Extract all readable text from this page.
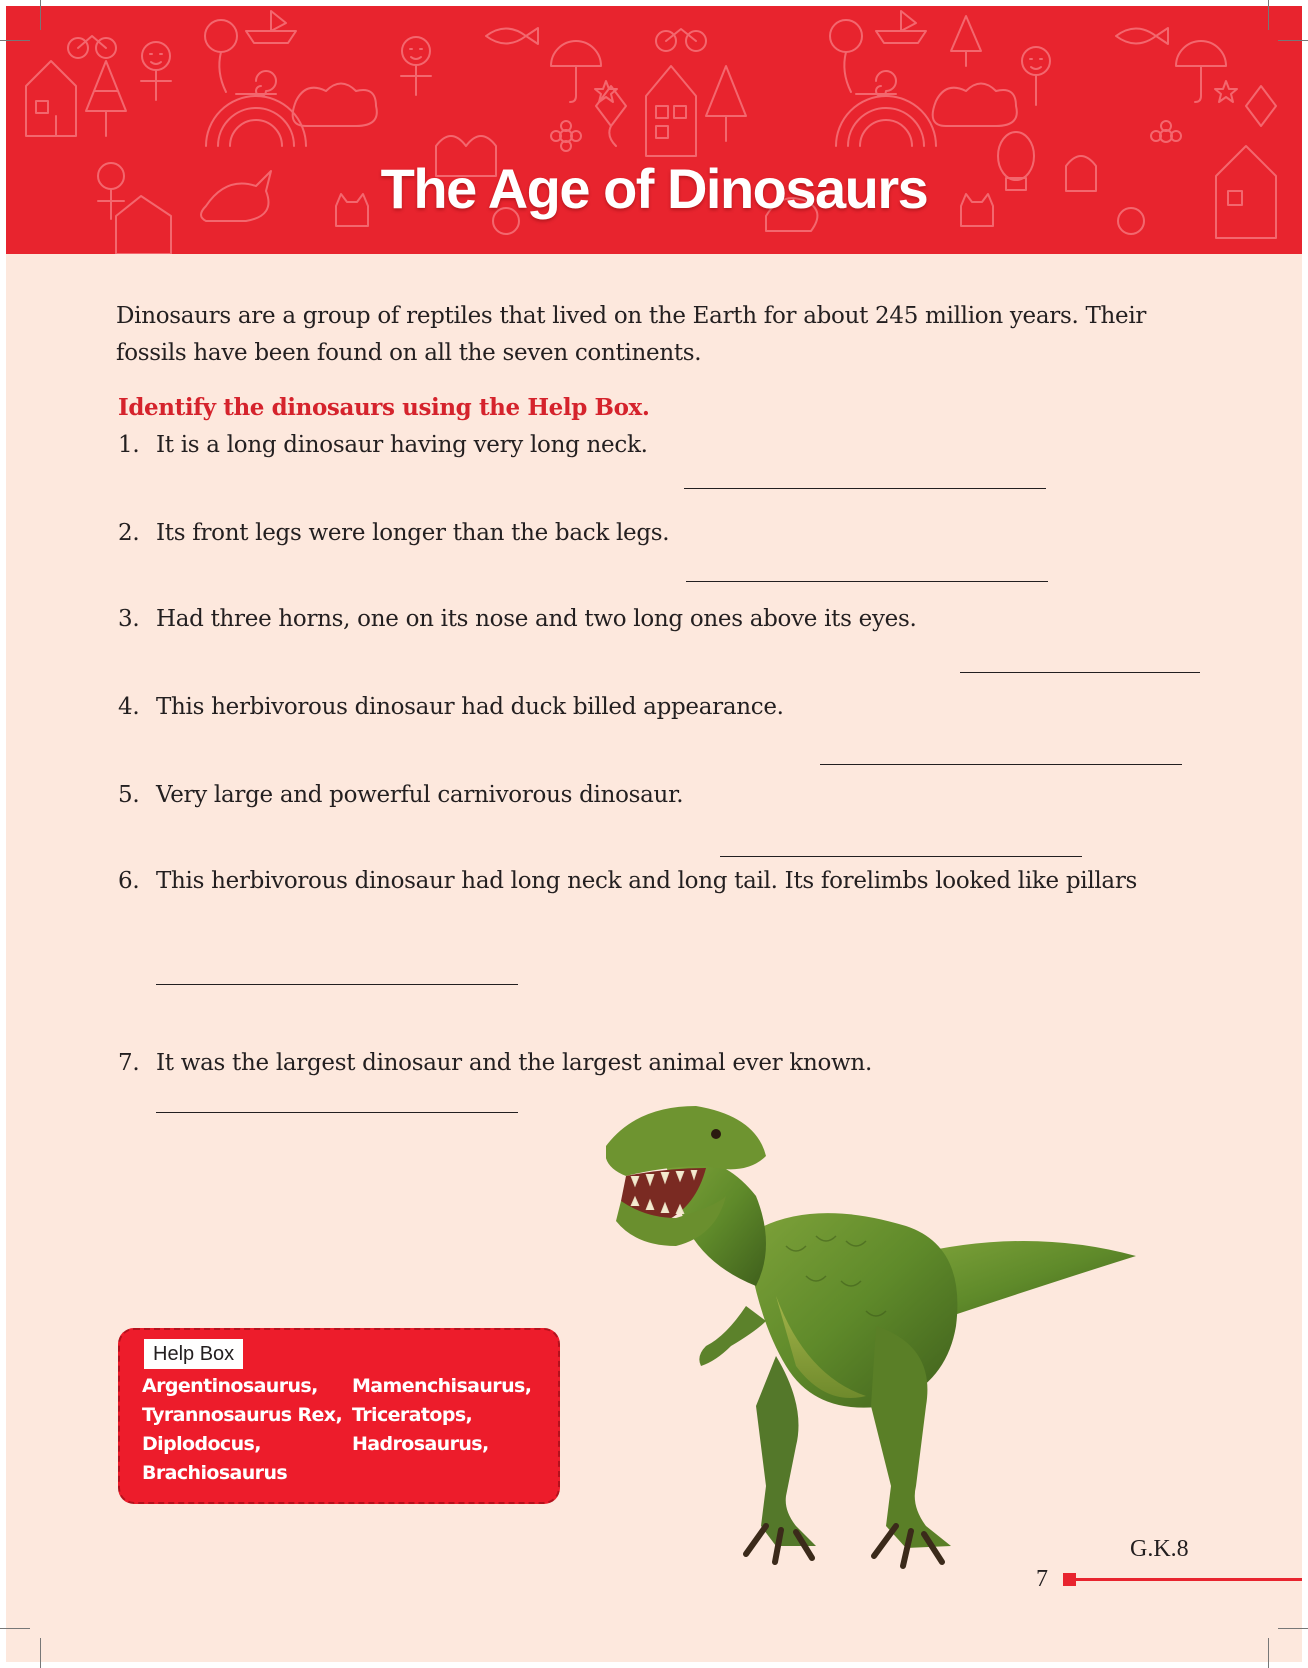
The Age of Dinosaurs

Dinosaurs are a group of reptiles that lived on the Earth for about 245 million years. Their fossils have been found on all the seven continents.

Identify the dinosaurs using the Help Box.

1. It is a long dinosaur having very long neck.
2. Its front legs were longer than the back legs.
3. Had three horns, one on its nose and two long ones above its eyes.
4. This herbivorous dinosaur had duck billed appearance.
5. Very large and powerful carnivorous dinosaur.
6. This herbivorous dinosaur had long neck and long tail. Its forelimbs looked like pillars
7. It was the largest dinosaur and the largest animal ever known.
Help Box
Argentinosaurus,
Tyrannosaurus Rex,
Diplodocus,
Brachiosaurus
Mamenchisaurus,
Triceratops,
Hadrosaurus,
G.K.8
7
